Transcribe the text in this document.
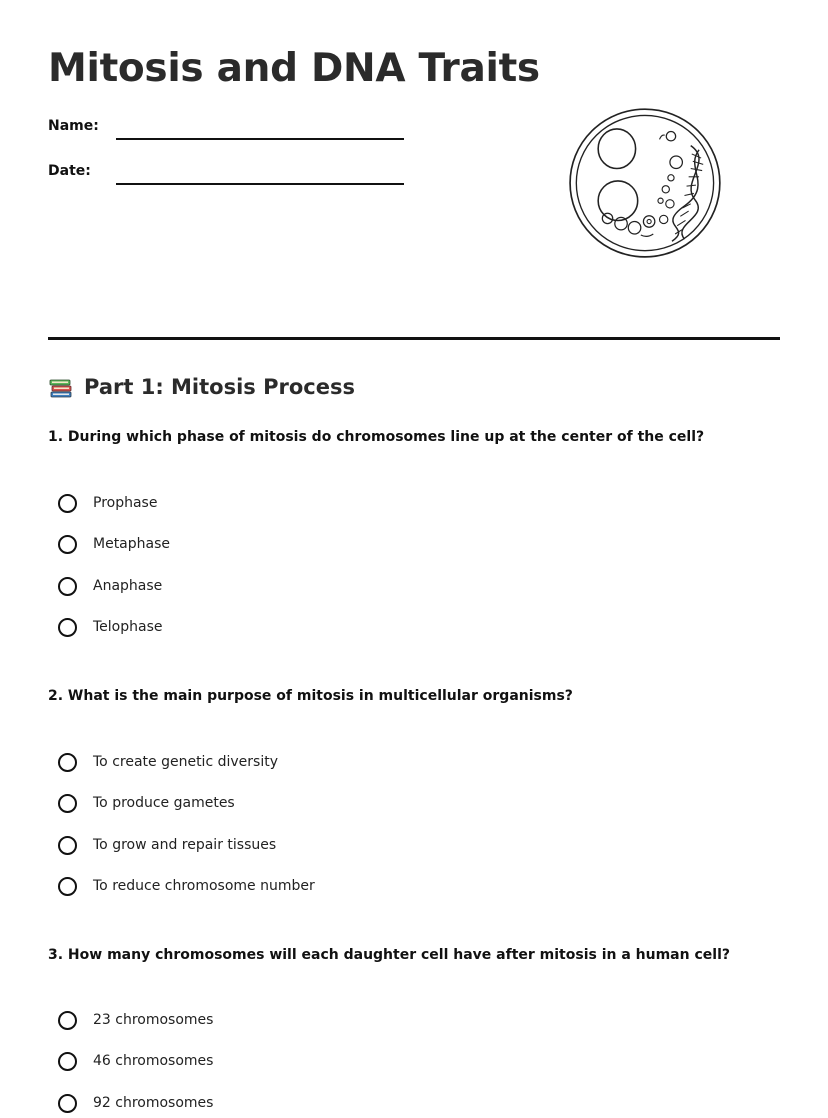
Mitosis and DNA Traits
Name:
Date:
Part 1: Mitosis Process
1. During which phase of mitosis do chromosomes line up at the center of the cell?
Prophase
Metaphase
Anaphase
Telophase
2. What is the main purpose of mitosis in multicellular organisms?
To create genetic diversity
To produce gametes
To grow and repair tissues
To reduce chromosome number
3. How many chromosomes will each daughter cell have after mitosis in a human cell?
23 chromosomes
46 chromosomes
92 chromosomes
